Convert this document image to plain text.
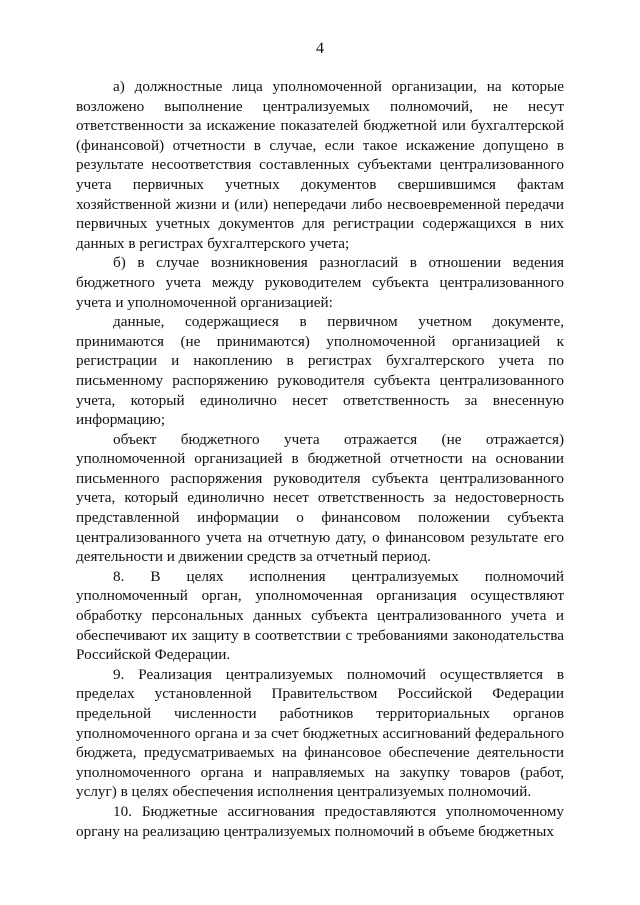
4

а) должностные лица уполномоченной организации, на которые возложено выполнение централизуемых полномочий, не несут ответственности за искажение показателей бюджетной или бухгалтерской (финансовой) отчетности в случае, если такое искажение допущено в результате несоответствия составленных субъектами централизованного учета первичных учетных документов свершившимся фактам хозяйственной жизни и (или) непередачи либо несвоевременной передачи первичных учетных документов для регистрации содержащихся в них данных в регистрах бухгалтерского учета;

б) в случае возникновения разногласий в отношении ведения бюджетного учета между руководителем субъекта централизованного учета и уполномоченной организацией:

данные, содержащиеся в первичном учетном документе, принимаются (не принимаются) уполномоченной организацией к регистрации и накоплению в регистрах бухгалтерского учета по письменному распоряжению руководителя субъекта централизованного учета, который единолично несет ответственность за внесенную информацию;

объект бюджетного учета отражается (не отражается) уполномоченной организацией в бюджетной отчетности на основании письменного распоряжения руководителя субъекта централизованного учета, который единолично несет ответственность за недостоверность представленной информации о финансовом положении субъекта централизованного учета на отчетную дату, о финансовом результате его деятельности и движении средств за отчетный период.

8. В целях исполнения централизуемых полномочий уполномоченный орган, уполномоченная организация осуществляют обработку персональных данных субъекта централизованного учета и обеспечивают их защиту в соответствии с требованиями законодательства Российской Федерации.

9. Реализация централизуемых полномочий осуществляется в пределах установленной Правительством Российской Федерации предельной численности работников территориальных органов уполномоченного органа и за счет бюджетных ассигнований федерального бюджета, предусматриваемых на финансовое обеспечение деятельности уполномоченного органа и направляемых на закупку товаров (работ, услуг) в целях обеспечения исполнения централизуемых полномочий.

10. Бюджетные ассигнования предоставляются уполномоченному органу на реализацию централизуемых полномочий в объеме бюджетных
